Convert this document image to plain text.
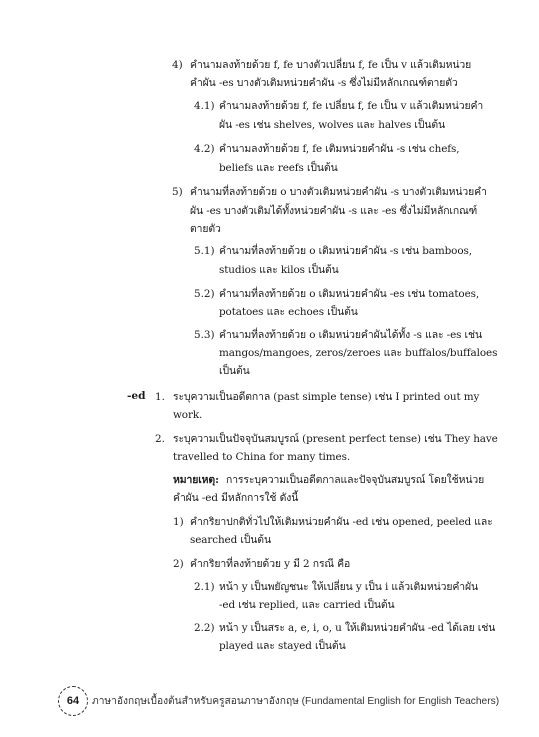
4) คำนามลงท้ายด้วย f, fe บางตัวเปลี่ยน f, fe เป็น v แล้วเติมหน่วย
คำผัน -es บางตัวเติมหน่วยคำผัน -s ซึ่งไม่มีหลักเกณฑ์ตายตัว
4.1) คำนามลงท้ายด้วย f, fe เปลี่ยน f, fe เป็น v แล้วเติมหน่วยคำ
ผัน -es เช่น shelves, wolves และ halves เป็นต้น
4.2) คำนามลงท้ายด้วย f, fe เติมหน่วยคำผัน -s เช่น chefs,
beliefs และ reefs เป็นต้น
5) คำนามที่ลงท้ายด้วย o บางตัวเติมหน่วยคำผัน -s บางตัวเติมหน่วยคำ
ผัน -es บางตัวเติมได้ทั้งหน่วยคำผัน -s และ -es ซึ่งไม่มีหลักเกณฑ์
ตายตัว
5.1) คำนามที่ลงท้ายด้วย o เติมหน่วยคำผัน -s เช่น bamboos,
studios และ kilos เป็นต้น
5.2) คำนามที่ลงท้ายด้วย o เติมหน่วยคำผัน -es เช่น tomatoes,
potatoes และ echoes เป็นต้น
5.3) คำนามที่ลงท้ายด้วย o เติมหน่วยคำผันได้ทั้ง -s และ -es เช่น
mangos/mangoes, zeros/zeroes และ buffalos/buffaloes
เป็นต้น
-ed 1. ระบุความเป็นอดีตกาล (past simple tense) เช่น I printed out my
work.
2. ระบุความเป็นปัจจุบันสมบูรณ์ (present perfect tense) เช่น They have
travelled to China for many times.
หมายเหตุ: การระบุความเป็นอดีตกาลและปัจจุบันสมบูรณ์ โดยใช้หน่วย
คำผัน -ed มีหลักการใช้ ดังนี้
1) คำกริยาปกติทั่วไปให้เติมหน่วยคำผัน -ed เช่น opened, peeled และ
searched เป็นต้น
2) คำกริยาที่ลงท้ายด้วย y มี 2 กรณี คือ
2.1) หน้า y เป็นพยัญชนะ ให้เปลี่ยน y เป็น i แล้วเติมหน่วยคำผัน
-ed เช่น replied, และ carried เป็นต้น
2.2) หน้า y เป็นสระ a, e, i, o, u ให้เติมหน่วยคำผัน -ed ได้เลย เช่น
played และ stayed เป็นต้น
64 ภาษาอังกฤษเบื้องต้นสำหรับครูสอนภาษาอังกฤษ (Fundamental English for English Teachers)
